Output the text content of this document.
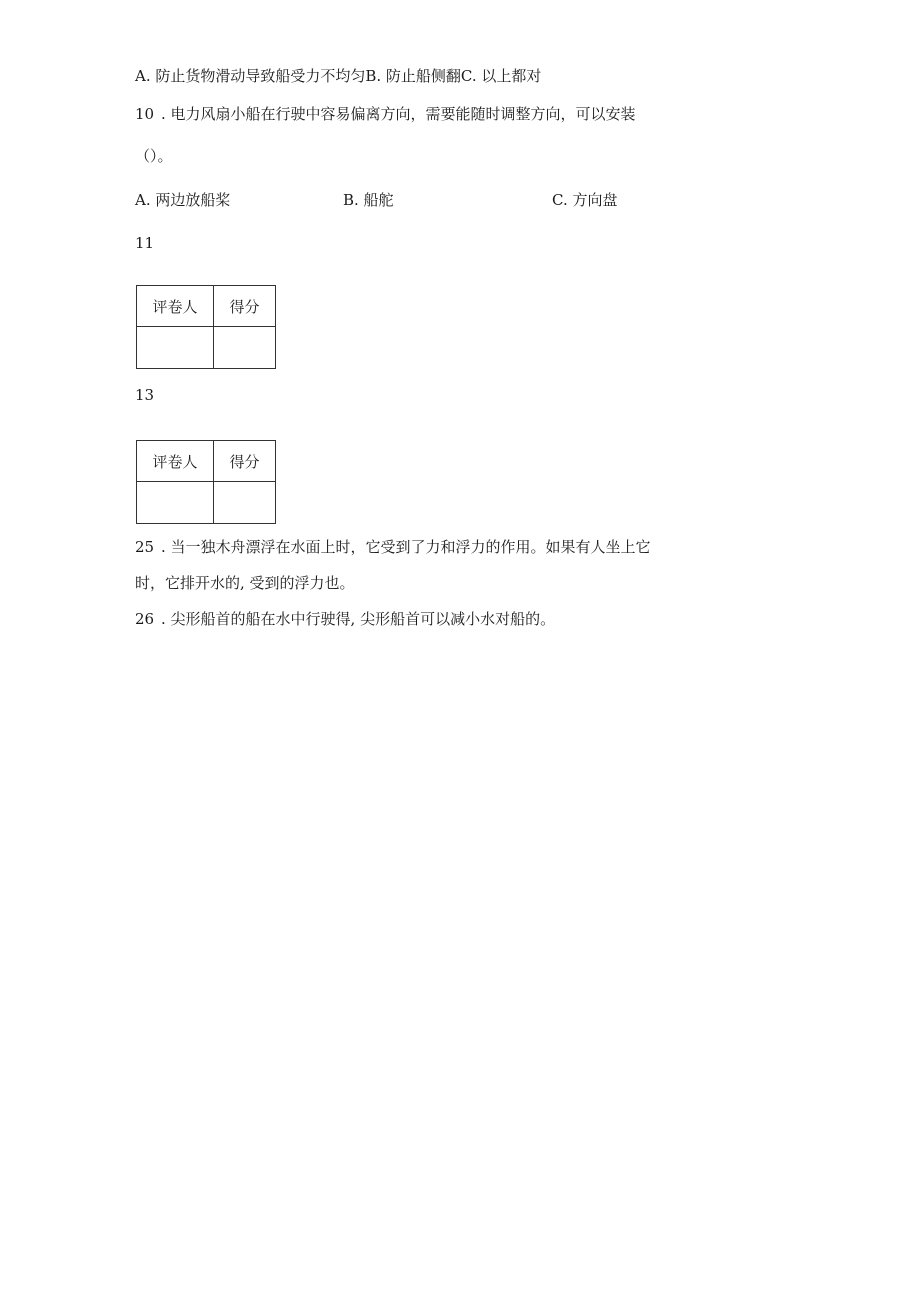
A. 防止货物滑动导致船受力不均匀B. 防止船侧翻C. 以上都对
10 . 电力风扇小船在行驶中容易偏离方向，需要能随时调整方向，可以安装
（）。
A. 两边放船桨	B. 船舵	C. 方向盘
11
评卷人	得分

13
评卷人	得分

25 . 当一独木舟漂浮在水面上时，它受到了力和浮力的作用。如果有人坐上它
时，它排开水的, 受到的浮力也。
26 . 尖形船首的船在水中行驶得, 尖形船首可以减小水对船的。
